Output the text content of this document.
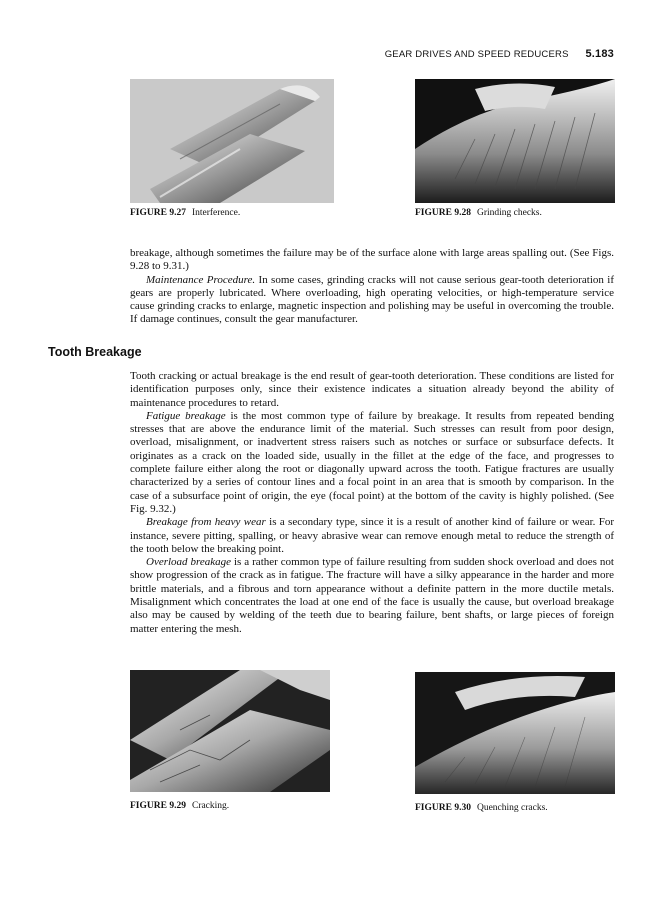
GEAR DRIVES AND SPEED REDUCERS 5.183
FIGURE 9.27 Interference.	FIGURE 9.28 Grinding checks.

breakage, although sometimes the failure may be of the surface alone with large areas spalling out. (See Figs. 9.28 to 9.31.)

Maintenance Procedure. In some cases, grinding cracks will not cause serious gear-tooth deterioration if gears are properly lubricated. Where overloading, high operating velocities, or high-temperature service cause grinding cracks to enlarge, magnetic inspection and polishing may be useful in overcoming the trouble. If damage continues, consult the gear manufacturer.

Tooth Breakage

Tooth cracking or actual breakage is the end result of gear-tooth deterioration. These conditions are listed for identification purposes only, since their existence indicates a situation already beyond the ability of maintenance procedures to retard.

Fatigue breakage is the most common type of failure by breakage. It results from repeated bending stresses that are above the endurance limit of the material. Such stresses can result from poor design, overload, misalignment, or inadvertent stress raisers such as notches or surface or subsurface defects. It originates as a crack on the loaded side, usually in the fillet at the edge of the face, and progresses to complete failure either along the root or diagonally upward across the tooth. Fatigue fractures are usually characterized by a series of contour lines and a focal point in an area that is smooth by comparison. In the case of a subsurface point of origin, the eye (focal point) at the bottom of the cavity is highly polished. (See Fig. 9.32.)

Breakage from heavy wear is a secondary type, since it is a result of another kind of failure or wear. For instance, severe pitting, spalling, or heavy abrasive wear can remove enough metal to reduce the strength of the tooth below the breaking point.

Overload breakage is a rather common type of failure resulting from sudden shock overload and does not show progression of the crack as in fatigue. The fracture will have a silky appearance in the harder and more brittle materials, and a fibrous and torn appearance without a definite pattern in the more ductile metals. Misalignment which concentrates the load at one end of the face is usually the cause, but overload breakage also may be caused by welding of the teeth due to bearing failure, bent shafts, or large pieces of foreign matter entering the mesh.

FIGURE 9.29 Cracking.	FIGURE 9.30 Quenching cracks.
